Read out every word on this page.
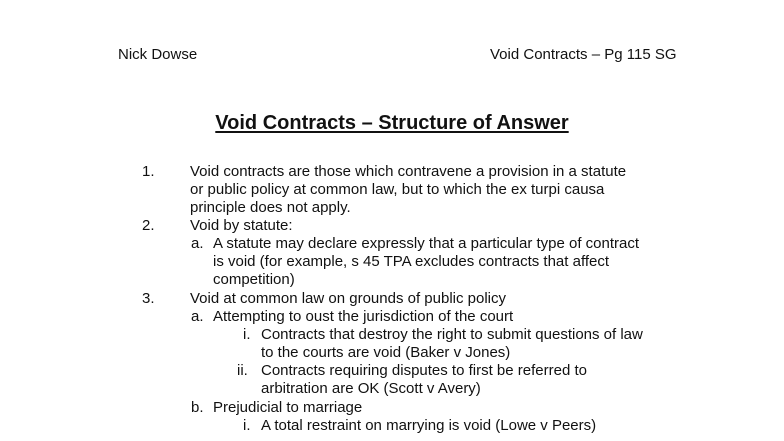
Nick Dowse	Void Contracts – Pg 115 SG
Void Contracts – Structure of Answer
1. Void contracts are those which contravene a provision in a statute
or public policy at common law, but to which the ex turpi causa
principle does not apply.
2. Void by statute:
a. A statute may declare expressly that a particular type of contract
is void (for example, s 45 TPA excludes contracts that affect
competition)
3. Void at common law on grounds of public policy
a. Attempting to oust the jurisdiction of the court
i. Contracts that destroy the right to submit questions of law
to the courts are void (Baker v Jones)
ii. Contracts requiring disputes to first be referred to
arbitration are OK (Scott v Avery)
b. Prejudicial to marriage
i. A total restraint on marrying is void (Lowe v Peers)
